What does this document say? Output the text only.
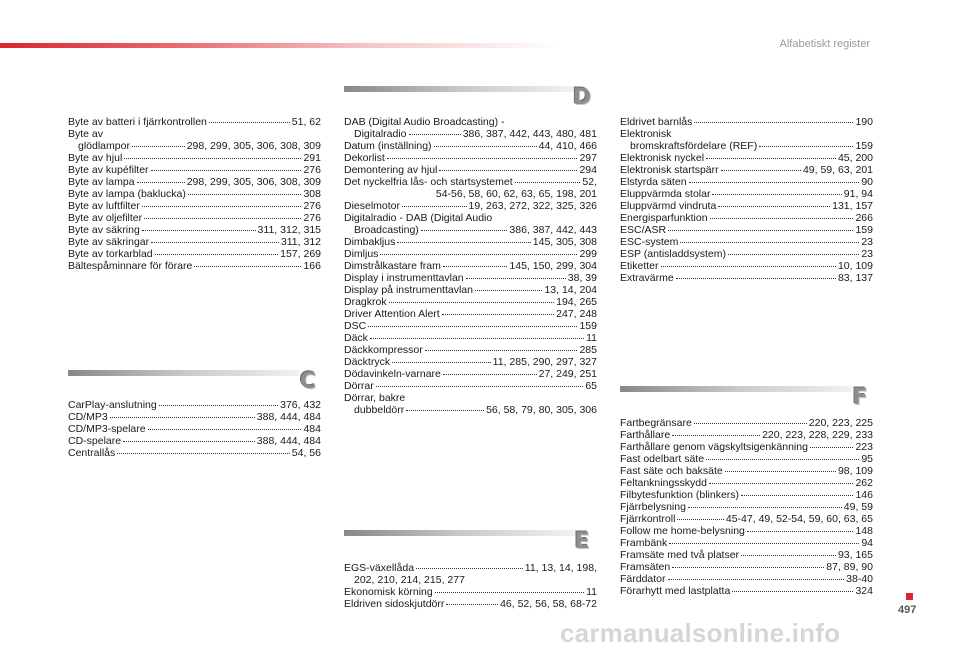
Alfabetiskt register
Byte av batteri i fjärrkontrollen	51, 62
Byte av
glödlampor	298, 299, 305, 306, 308, 309
Byte av hjul	291
Byte av kupéfilter	276
Byte av lampa	298, 299, 305, 306, 308, 309
Byte av lampa (baklucka)	308
Byte av luftfilter	276
Byte av oljefilter	276
Byte av säkring	311, 312, 315
Byte av säkringar	311, 312
Byte av torkarblad	157, 269
Bältespåminnare för förare	166
C
CarPlay-anslutning	376, 432
CD/MP3	388, 444, 484
CD/MP3-spelare	484
CD-spelare	388, 444, 484
Centrallås	54, 56
D
DAB (Digital Audio Broadcasting) -
Digitalradio	386, 387, 442, 443, 480, 481
Datum (inställning)	44, 410, 466
Dekorlist	297
Demontering av hjul	294
Det nyckelfria lås- och startsystemet	52,
54-56, 58, 60, 62, 63, 65, 198, 201
Dieselmotor	19, 263, 272, 322, 325, 326
Digitalradio - DAB (Digital Audio
Broadcasting)	386, 387, 442, 443
Dimbakljus	145, 305, 308
Dimljus	299
Dimstrålkastare fram	145, 150, 299, 304
Display i instrumenttavlan	38, 39
Display på instrumenttavlan	13, 14, 204
Dragkrok	194, 265
Driver Attention Alert	247, 248
DSC	159
Däck	11
Däckkompressor	285
Däcktryck	11, 285, 290, 297, 327
Dödavinkeln-varnare	27, 249, 251
Dörrar	65
Dörrar, bakre
dubbeldörr	56, 58, 79, 80, 305, 306
E
EGS-växellåda	11, 13, 14, 198,
202, 210, 214, 215, 277
Ekonomisk körning	11
Eldriven sidoskjutdörr	46, 52, 56, 58, 68-72
Eldrivet barnlås	190
Elektronisk
bromskraftsfördelare (REF)	159
Elektronisk nyckel	45, 200
Elektronisk startspärr	49, 59, 63, 201
Elstyrda säten	90
Eluppvärmda stolar	91, 94
Eluppvärmd vindruta	131, 157
Energisparfunktion	266
ESC/ASR	159
ESC-system	23
ESP (antisladdsystem)	23
Etiketter	10, 109
Extravärme	83, 137
F
Fartbegränsare	220, 223, 225
Farthållare	220, 223, 228, 229, 233
Farthållare genom vägskyltsigenkänning	223
Fast odelbart säte	95
Fast säte och baksäte	98, 109
Feltankningsskydd	262
Filbytesfunktion (blinkers)	146
Fjärrbelysning	49, 59
Fjärrkontroll	45-47, 49, 52-54, 59, 60, 63, 65
Follow me home-belysning	148
Frambänk	94
Framsäte med två platser	93, 165
Framsäten	87, 89, 90
Färddator	38-40
Förarhytt med lastplatta	324
497
carmanualsonline.info
